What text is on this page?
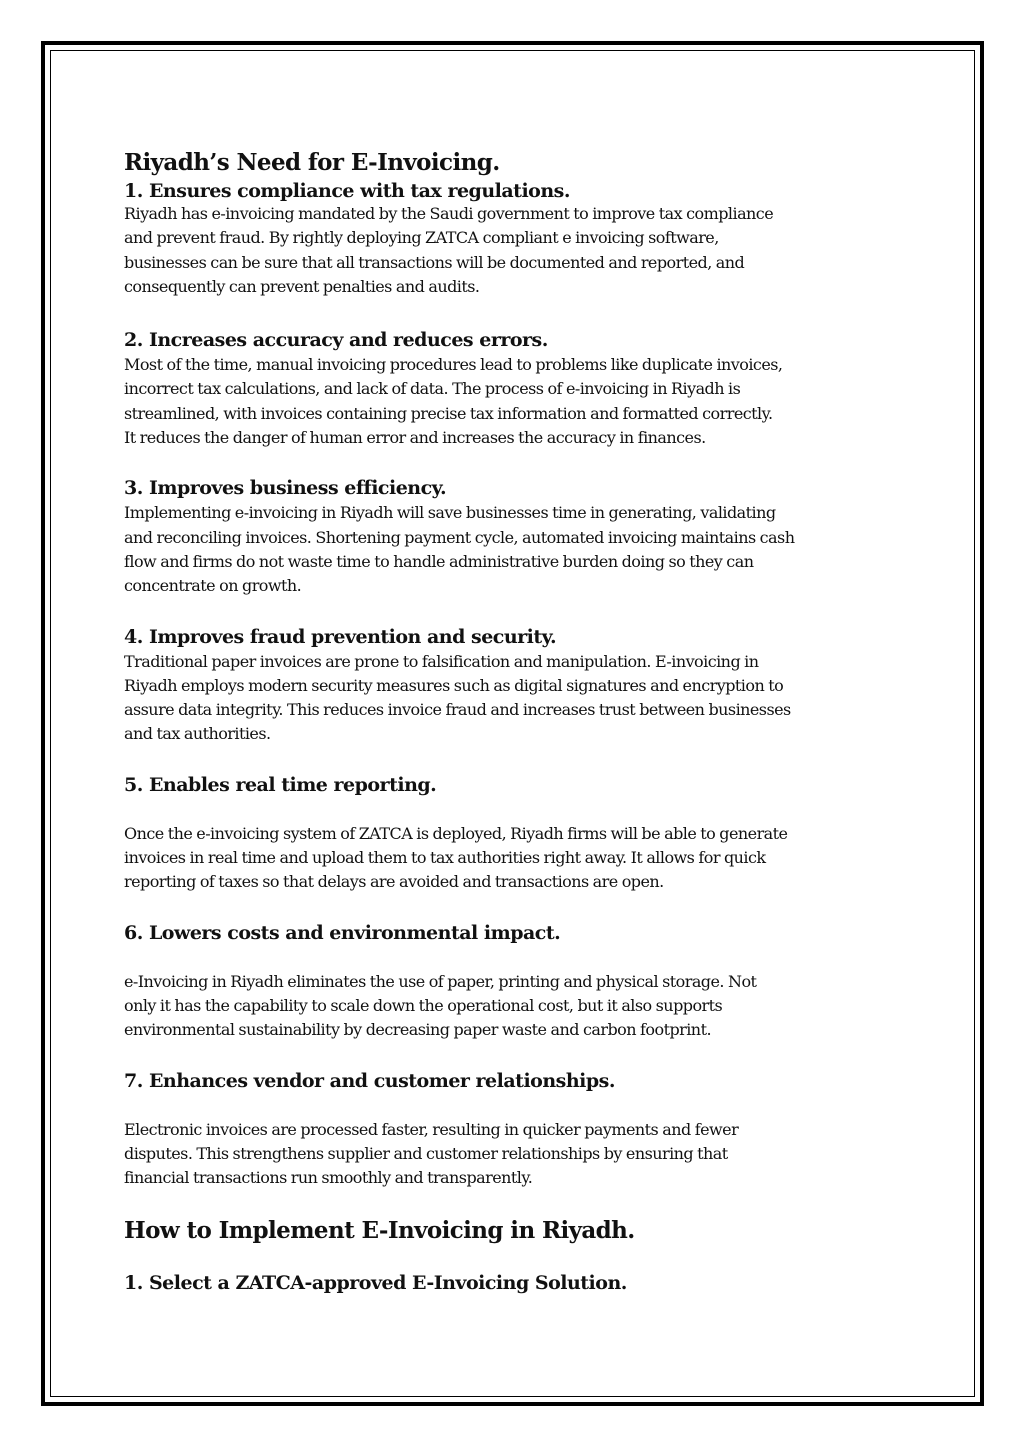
Riyadh’s Need for E-Invoicing.
1. Ensures compliance with tax regulations.

Riyadh has e-invoicing mandated by the Saudi government to improve tax compliance
and prevent fraud. By rightly deploying ZATCA compliant e invoicing software,
businesses can be sure that all transactions will be documented and reported, and
consequently can prevent penalties and audits.

2. Increases accuracy and reduces errors.

Most of the time, manual invoicing procedures lead to problems like duplicate invoices,
incorrect tax calculations, and lack of data. The process of e-invoicing in Riyadh is
streamlined, with invoices containing precise tax information and formatted correctly.
It reduces the danger of human error and increases the accuracy in finances.

3. Improves business efficiency.

Implementing e-invoicing in Riyadh will save businesses time in generating, validating
and reconciling invoices. Shortening payment cycle, automated invoicing maintains cash
flow and firms do not waste time to handle administrative burden doing so they can
concentrate on growth.

4. Improves fraud prevention and security.

Traditional paper invoices are prone to falsification and manipulation. E-invoicing in
Riyadh employs modern security measures such as digital signatures and encryption to
assure data integrity. This reduces invoice fraud and increases trust between businesses
and tax authorities.

5. Enables real time reporting.

Once the e-invoicing system of ZATCA is deployed, Riyadh firms will be able to generate
invoices in real time and upload them to tax authorities right away. It allows for quick
reporting of taxes so that delays are avoided and transactions are open.

6. Lowers costs and environmental impact.

e-Invoicing in Riyadh eliminates the use of paper, printing and physical storage. Not
only it has the capability to scale down the operational cost, but it also supports
environmental sustainability by decreasing paper waste and carbon footprint.

7. Enhances vendor and customer relationships.

Electronic invoices are processed faster, resulting in quicker payments and fewer
disputes. This strengthens supplier and customer relationships by ensuring that
financial transactions run smoothly and transparently.

How to Implement E-Invoicing in Riyadh.
1. Select a ZATCA-approved E-Invoicing Solution.
